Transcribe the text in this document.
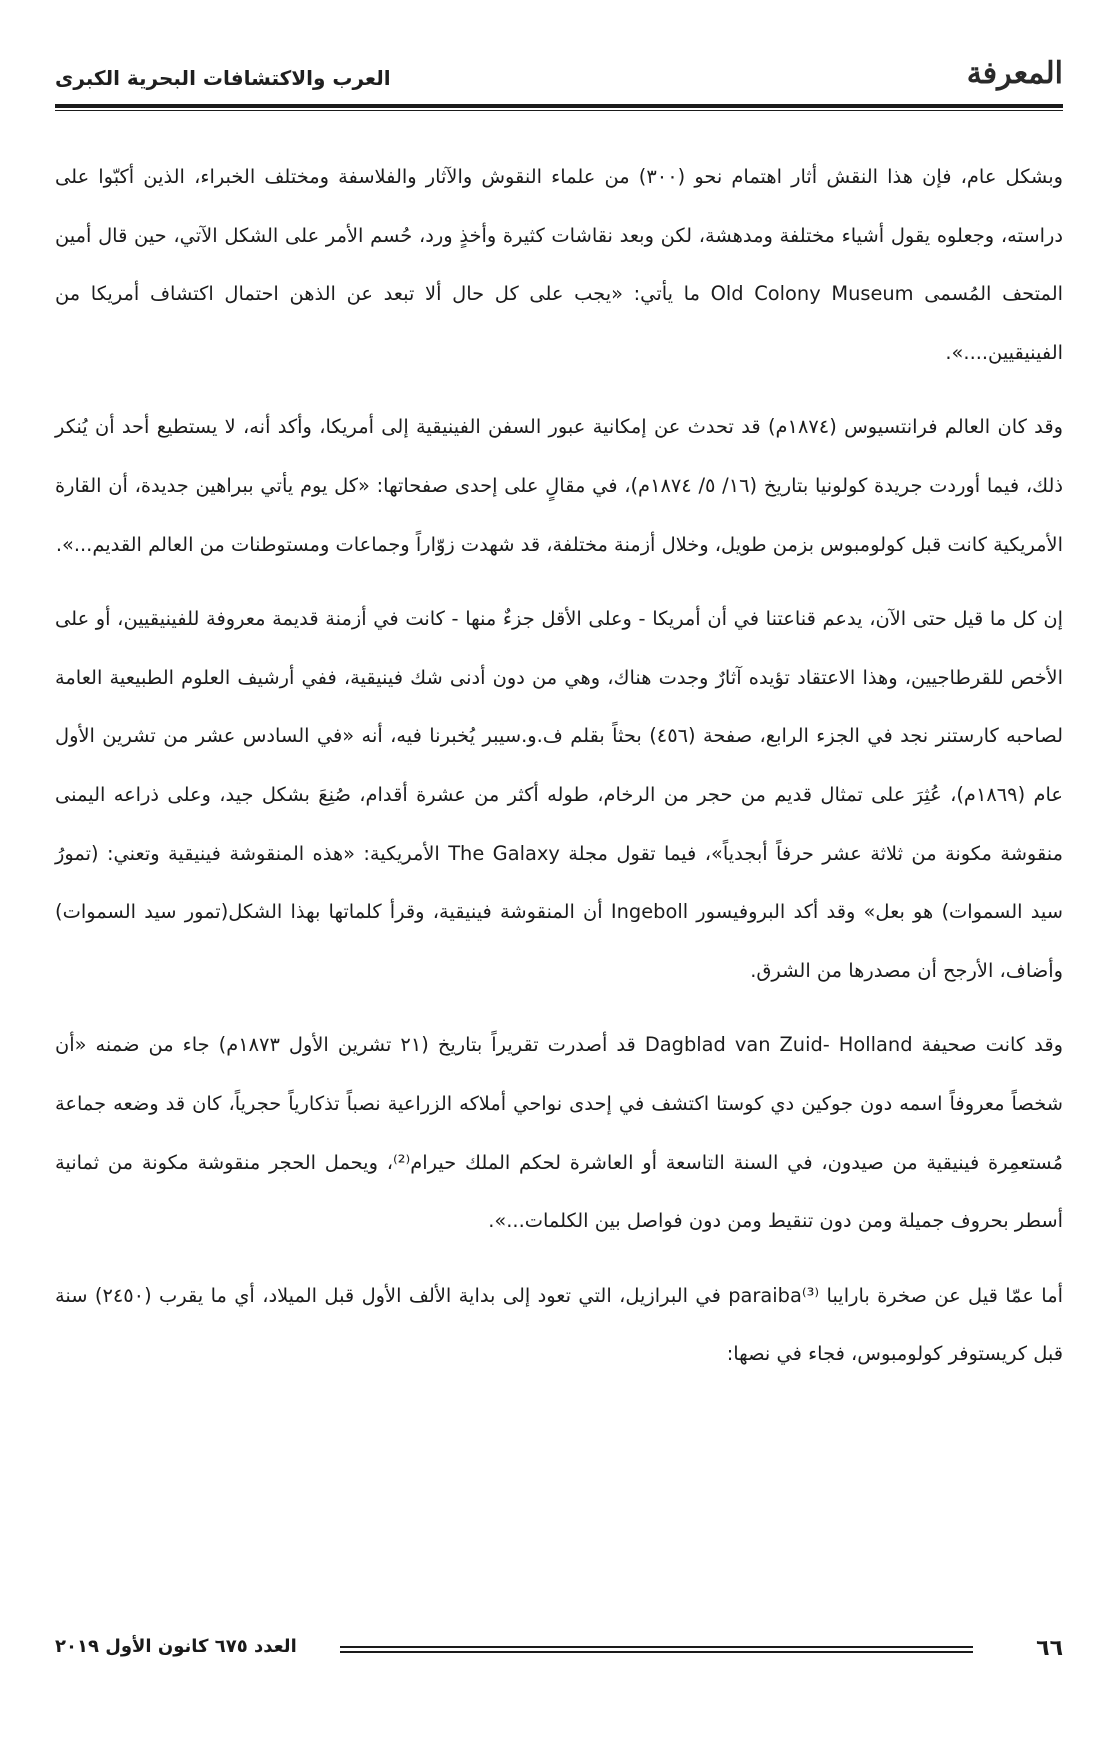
المعرفة
العرب والاكتشافات البحرية الكبرى

وبشكل عام، فإن هذا النقش أثار اهتمام نحو (٣٠٠) من علماء النقوش والآثار والفلاسفة ومختلف الخبراء، الذين أكبّوا على دراسته، وجعلوه يقول أشياء مختلفة ومدهشة، لكن وبعد نقاشات كثيرة وأخذٍ ورد، حُسم الأمر على الشكل الآتي، حين قال أمين المتحف المُسمى Old Colony Museum ما يأتي: «يجب على كل حال ألا تبعد عن الذهن احتمال اكتشاف أمريكا من الفينيقيين....».

وقد كان العالم فرانتسيوس (١٨٧٤م) قد تحدث عن إمكانية عبور السفن الفينيقية إلى أمريكا، وأكد أنه، لا يستطيع أحد أن يُنكر ذلك، فيما أوردت جريدة كولونيا بتاريخ (١٦/ ٥/ ١٨٧٤م)، في مقالٍ على إحدى صفحاتها: «كل يوم يأتي ببراهين جديدة، أن القارة الأمريكية كانت قبل كولومبوس بزمن طويل، وخلال أزمنة مختلفة، قد شهدت زوّاراً وجماعات ومستوطنات من العالم القديم...».

إن كل ما قيل حتى الآن، يدعم قناعتنا في أن أمريكا - وعلى الأقل جزءٌ منها - كانت في أزمنة قديمة معروفة للفينيقيين، أو على الأخص للقرطاجيين، وهذا الاعتقاد تؤيده آثارٌ وجدت هناك، وهي من دون أدنى شك فينيقية، ففي أرشيف العلوم الطبيعية العامة لصاحبه كارستنر نجد في الجزء الرابع، صفحة (٤٥٦) بحثاً بقلم ف.و.سيبر يُخبرنا فيه، أنه «في السادس عشر من تشرين الأول عام (١٨٦٩م)، عُثِرَ على تمثال قديم من حجر من الرخام، طوله أكثر من عشرة أقدام، صُنِعَ بشكل جيد، وعلى ذراعه اليمنى منقوشة مكونة من ثلاثة عشر حرفاً أبجدياً»، فيما تقول مجلة The Galaxy الأمريكية: «هذه المنقوشة فينيقية وتعني: (تمورُ سيد السموات) هو بعل» وقد أكد البروفيسور Ingeboll أن المنقوشة فينيقية، وقرأ كلماتها بهذا الشكل(تمور سيد السموات) وأضاف، الأرجح أن مصدرها من الشرق.

وقد كانت صحيفة Dagblad van Zuid- Holland قد أصدرت تقريراً بتاريخ (٢١ تشرين الأول ١٨٧٣م) جاء من ضمنه «أن شخصاً معروفاً اسمه دون جوكين دي كوستا اكتشف في إحدى نواحي أملاكه الزراعية نصباً تذكارياً حجرياً، كان قد وضعه جماعة مُستعمِرة فينيقية من صيدون، في السنة التاسعة أو العاشرة لحكم الملك حيرام⁽²⁾، ويحمل الحجر منقوشة مكونة من ثمانية أسطر بحروف جميلة ومن دون تنقيط ومن دون فواصل بين الكلمات...».

أما عمّا قيل عن صخرة بارايبا paraiba⁽³⁾ في البرازيل، التي تعود إلى بداية الألف الأول قبل الميلاد، أي ما يقرب (٢٤٥٠) سنة قبل كريستوفر كولومبوس، فجاء في نصها:

٦٦
العدد ٦٧٥ كانون الأول ٢٠١٩
